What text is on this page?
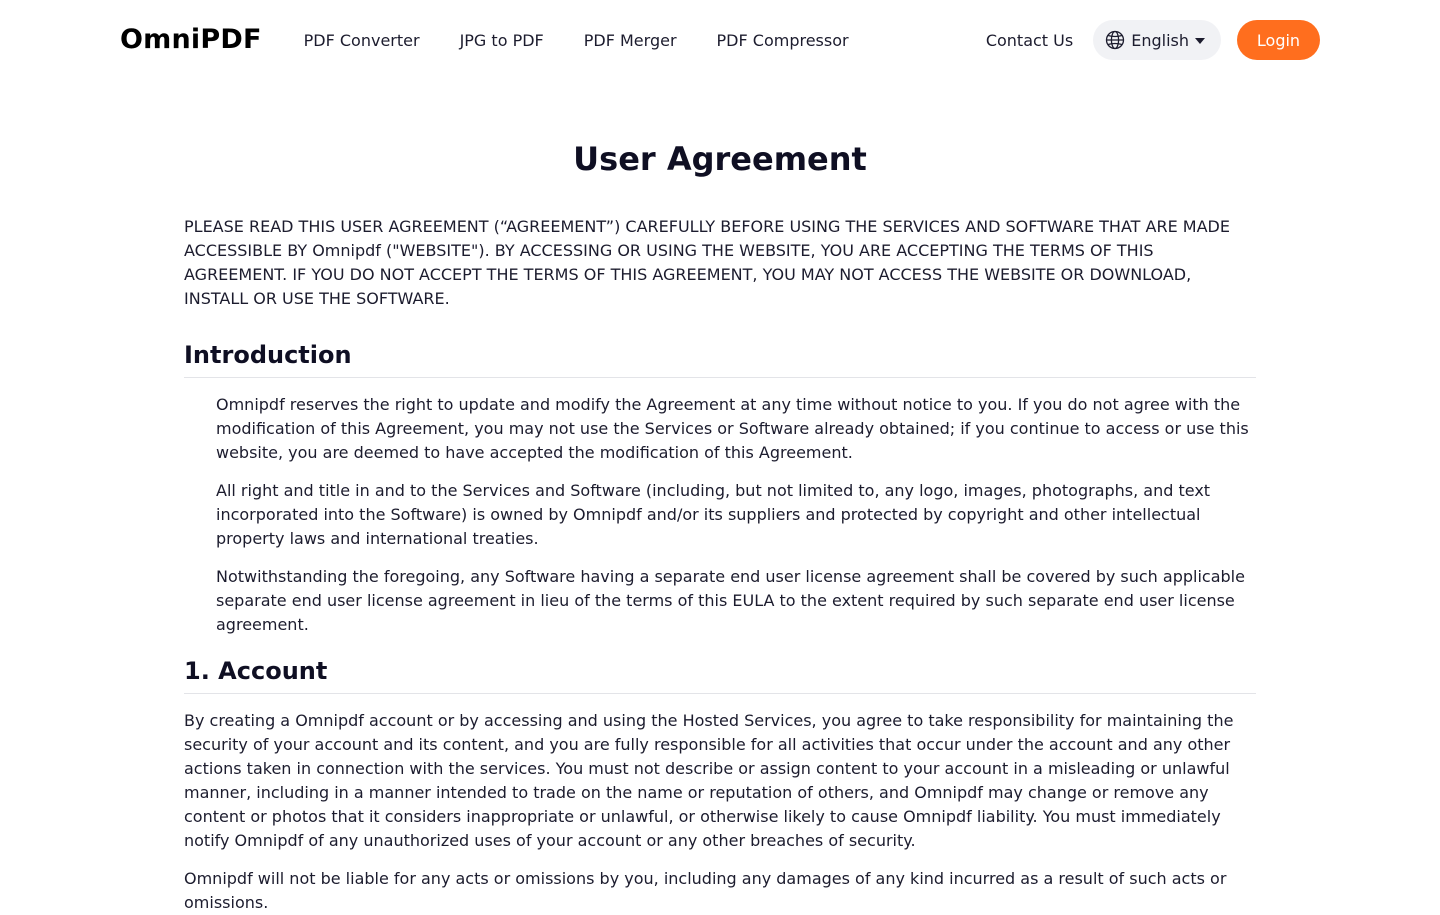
OmniPDF	PDF Converter	JPG to PDF	PDF Merger	PDF Compressor	Contact Us	English	Login
User Agreement

PLEASE READ THIS USER AGREEMENT (“AGREEMENT”) CAREFULLY BEFORE USING THE SERVICES AND SOFTWARE THAT ARE MADE ACCESSIBLE BY Omnipdf ("WEBSITE"). BY ACCESSING OR USING THE WEBSITE, YOU ARE ACCEPTING THE TERMS OF THIS AGREEMENT. IF YOU DO NOT ACCEPT THE TERMS OF THIS AGREEMENT, YOU MAY NOT ACCESS THE WEBSITE OR DOWNLOAD, INSTALL OR USE THE SOFTWARE.

Introduction

Omnipdf reserves the right to update and modify the Agreement at any time without notice to you. If you do not agree with the modification of this Agreement, you may not use the Services or Software already obtained; if you continue to access or use this website, you are deemed to have accepted the modification of this Agreement.

All right and title in and to the Services and Software (including, but not limited to, any logo, images, photographs, and text incorporated into the Software) is owned by Omnipdf and/or its suppliers and protected by copyright and other intellectual property laws and international treaties.

Notwithstanding the foregoing, any Software having a separate end user license agreement shall be covered by such applicable separate end user license agreement in lieu of the terms of this EULA to the extent required by such separate end user license agreement.

1. Account

By creating a Omnipdf account or by accessing and using the Hosted Services, you agree to take responsibility for maintaining the security of your account and its content, and you are fully responsible for all activities that occur under the account and any other actions taken in connection with the services. You must not describe or assign content to your account in a misleading or unlawful manner, including in a manner intended to trade on the name or reputation of others, and Omnipdf may change or remove any content or photos that it considers inappropriate or unlawful, or otherwise likely to cause Omnipdf liability. You must immediately notify Omnipdf of any unauthorized uses of your account or any other breaches of security.

Omnipdf will not be liable for any acts or omissions by you, including any damages of any kind incurred as a result of such acts or omissions.
